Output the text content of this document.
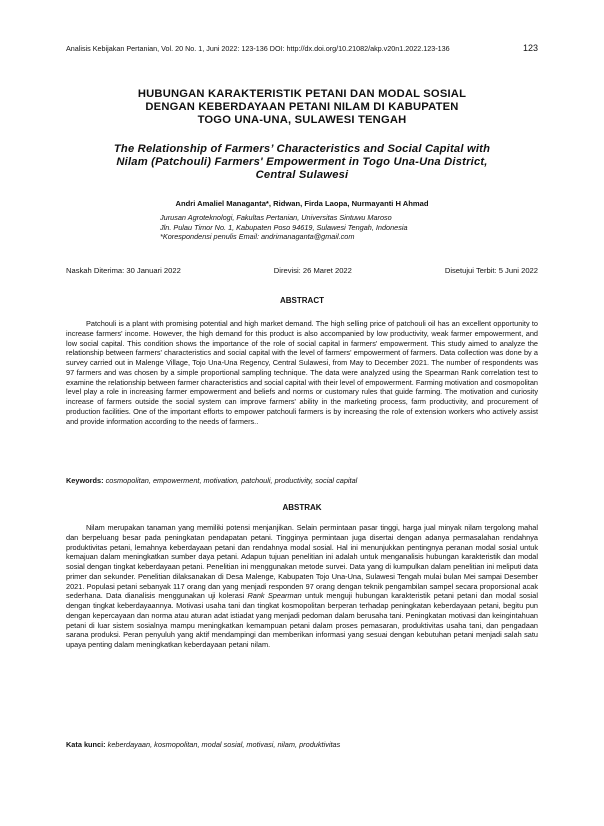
Analisis Kebijakan Pertanian, Vol. 20 No. 1, Juni 2022: 123-136 DOI: http://dx.doi.org/10.21082/akp.v20n1.2022.123-136	123
HUBUNGAN KARAKTERISTIK PETANI DAN MODAL SOSIAL
DENGAN KEBERDAYAAN PETANI NILAM DI KABUPATEN
TOGO UNA-UNA, SULAWESI TENGAH
The Relationship of Farmers’ Characteristics and Social Capital with
Nilam (Patchouli) Farmers' Empowerment in Togo Una-Una District,
Central Sulawesi
Andri Amaliel Managanta*, Ridwan, Firda Laopa, Nurmayanti H Ahmad
Jurusan Agroteknologi, Fakultas Pertanian, Universitas Sintuwu Maroso
Jln. Pulau Timor No. 1, Kabupaten Poso 94619, Sulawesi Tengah, Indonesia
*Korespondensi penulis Email: andrimanaganta@gmail.com
Naskah Diterima: 30 Januari 2022	Direvisi: 26 Maret 2022	Disetujui Terbit: 5 Juni 2022
ABSTRACT
Patchouli is a plant with promising potential and high market demand. The high selling price of patchouli oil has an excellent opportunity to increase farmers' income. However, the high demand for this product is also accompanied by low productivity, weak farmer empowerment, and low social capital. This condition shows the importance of the role of social capital in farmers' empowerment. This study aimed to analyze the relationship between farmers' characteristics and social capital with the level of farmers' empowerment of farmers. Data collection was done by a survey carried out in Malenge Village, Tojo Una-Una Regency, Central Sulawesi, from May to December 2021. The number of respondents was 97 farmers and was chosen by a simple proportional sampling technique. The data were analyzed using the Spearman Rank correlation test to examine the relationship between farmer characteristics and social capital with their level of empowerment. Farming motivation and cosmopolitan level play a role in increasing farmer empowerment and beliefs and norms or customary rules that guide farming. The motivation and curiosity increase of farmers outside the social system can improve farmers' ability in the marketing process, farm productivity, and procurement of production facilities. One of the important efforts to empower patchouli farmers is by increasing the role of extension workers who actively assist and provide information according to the needs of farmers..
Keywords: cosmopolitan, empowerment, motivation, patchouli, productivity, social capital
ABSTRAK
Nilam merupakan tanaman yang memiliki potensi menjanjikan. Selain permintaan pasar tinggi, harga jual minyak nilam tergolong mahal dan berpeluang besar pada peningkatan pendapatan petani. Tingginya permintaan juga disertai dengan adanya permasalahan rendahnya produktivitas petani, lemahnya keberdayaan petani dan rendahnya modal sosial. Hal ini menunjukkan pentingnya peranan modal sosial untuk kemajuan dalam meningkatkan sumber daya petani. Adapun tujuan penelitian ini adalah untuk menganalisis hubungan karakteristik dan modal sosial dengan tingkat keberdayaan petani. Penelitian ini menggunakan metode survei. Data yang di kumpulkan dalam penelitian ini meliputi data primer dan sekunder. Penelitian dilaksanakan di Desa Malenge, Kabupaten Tojo Una-Una, Sulawesi Tengah mulai bulan Mei sampai Desember 2021. Populasi petani sebanyak 117 orang dan yang menjadi responden 97 orang dengan teknik pengambilan sampel secara proporsional acak sederhana. Data dianalisis menggunakan uji kolerasi Rank Spearman untuk menguji hubungan karakteristik petani petani dan modal sosial dengan tingkat keberdayaannya. Motivasi usaha tani dan tingkat kosmopolitan berperan terhadap peningkatan keberdayaan petani, begitu pun dengan kepercayaan dan norma atau aturan adat istiadat yang menjadi pedoman dalam berusaha tani. Peningkatan motivasi dan keingintahuan petani di luar sistem sosialnya mampu meningkatkan kemampuan petani dalam proses pemasaran, produktivitas usaha tani, dan pengadaan sarana produksi. Peran penyuluh yang aktif mendampingi dan memberikan informasi yang sesuai dengan kebutuhan petani menjadi salah satu upaya penting dalam meningkatkan keberdayaan petani nilam.
Kata kunci: keberdayaan, kosmopolitan, modal sosial, motivasi, nilam, produktivitas
